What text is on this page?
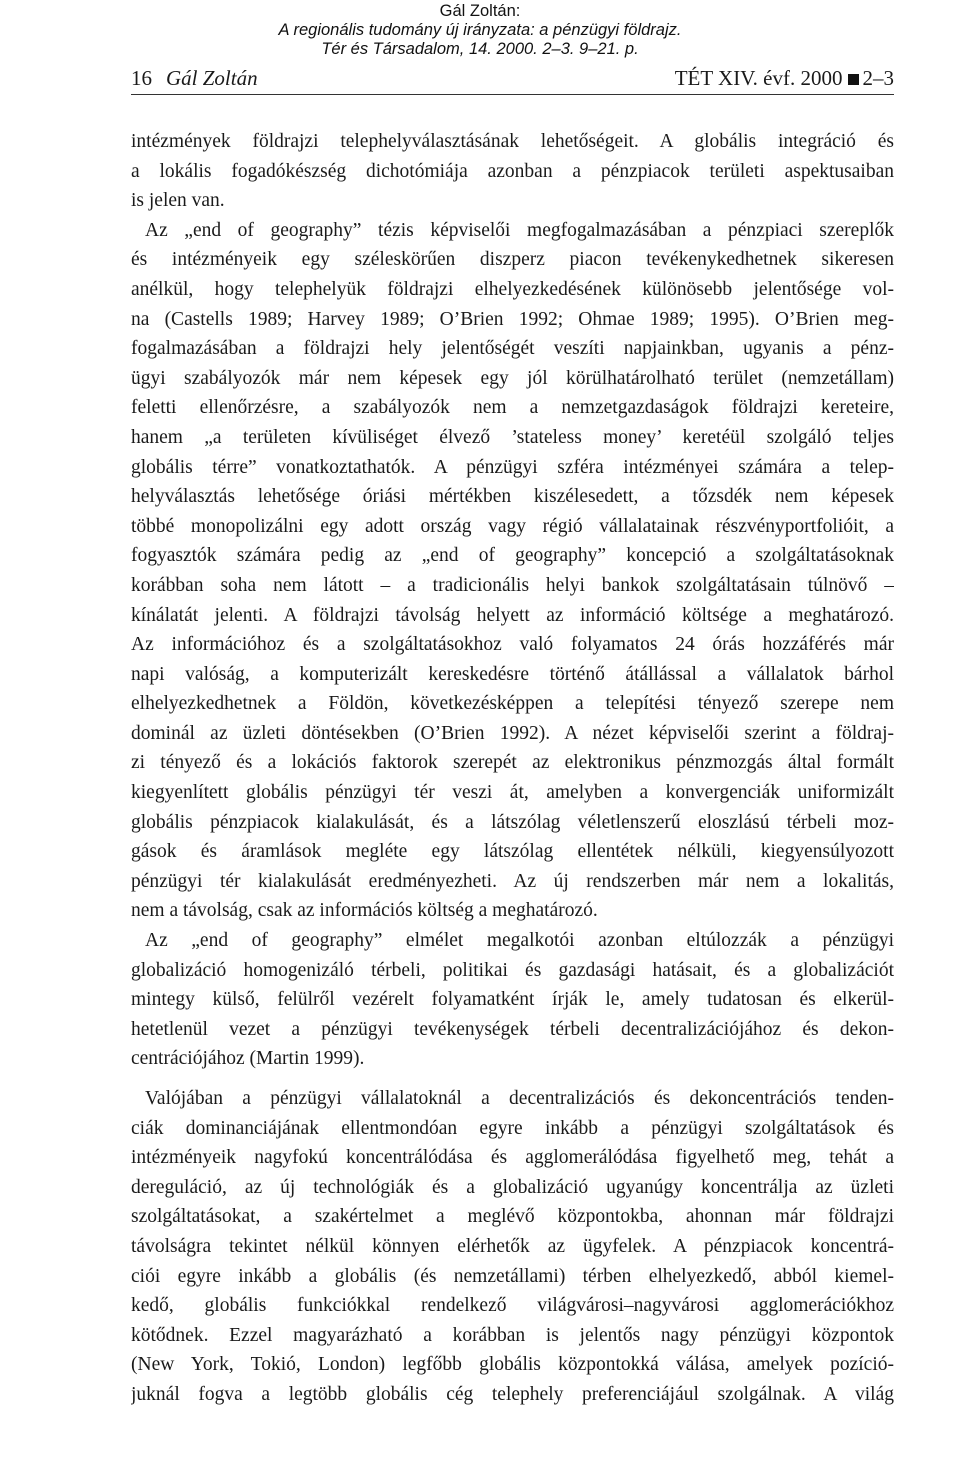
Gál Zoltán:
A regionális tudomány új irányzata: a pénzügyi földrajz.
Tér és Társadalom, 14. 2000. 2–3. 9–21. p.
16 Gál Zoltán	TÉT XIV. évf. 2000 2–3
intézmények földrajzi telephelyválasztásának lehetőségeit. A globális integráció és
a lokális fogadókészség dichotómiája azonban a pénzpiacok területi aspektusaiban
is jelen van.
Az „end of geography” tézis képviselői megfogalmazásában a pénzpiaci szereplők
és intézményeik egy széleskörűen diszperz piacon tevékenykedhetnek sikeresen
anélkül, hogy telephelyük földrajzi elhelyezkedésének különösebb jelentősége vol-
na (Castells 1989; Harvey 1989; O’Brien 1992; Ohmae 1989; 1995). O’Brien meg-
fogalmazásában a földrajzi hely jelentőségét veszíti napjainkban, ugyanis a pénz-
ügyi szabályozók már nem képesek egy jól körülhatárolható terület (nemzetállam)
feletti ellenőrzésre, a szabályozók nem a nemzetgazdaságok földrajzi kereteire,
hanem „a területen kívüliséget élvező ’stateless money’ keretéül szolgáló teljes
globális térre” vonatkoztathatók. A pénzügyi szféra intézményei számára a telep-
helyválasztás lehetősége óriási mértékben kiszélesedett, a tőzsdék nem képesek
többé monopolizálni egy adott ország vagy régió vállalatainak részvényportfolióit, a
fogyasztók számára pedig az „end of geography” koncepció a szolgáltatásoknak
korábban soha nem látott – a tradicionális helyi bankok szolgáltatásain túlnövő –
kínálatát jelenti. A földrajzi távolság helyett az információ költsége a meghatározó.
Az információhoz és a szolgáltatásokhoz való folyamatos 24 órás hozzáférés már
napi valóság, a komputerizált kereskedésre történő átállással a vállalatok bárhol
elhelyezkedhetnek a Földön, következésképpen a telepítési tényező szerepe nem
dominál az üzleti döntésekben (O’Brien 1992). A nézet képviselői szerint a földraj-
zi tényező és a lokációs faktorok szerepét az elektronikus pénzmozgás által formált
kiegyenlített globális pénzügyi tér veszi át, amelyben a konvergenciák uniformizált
globális pénzpiacok kialakulását, és a látszólag véletlenszerű eloszlású térbeli moz-
gások és áramlások megléte egy látszólag ellentétek nélküli, kiegyensúlyozott
pénzügyi tér kialakulását eredményezheti. Az új rendszerben már nem a lokalitás,
nem a távolság, csak az információs költség a meghatározó.
Az „end of geography” elmélet megalkotói azonban eltúlozzák a pénzügyi
globalizáció homogenizáló térbeli, politikai és gazdasági hatásait, és a globalizációt
mintegy külső, felülről vezérelt folyamatként írják le, amely tudatosan és elkerül-
hetetlenül vezet a pénzügyi tevékenységek térbeli decentralizációjához és dekon-
centrációjához (Martin 1999).
Valójában a pénzügyi vállalatoknál a decentralizációs és dekoncentrációs tenden-
ciák dominanciájának ellentmondóan egyre inkább a pénzügyi szolgáltatások és
intézményeik nagyfokú koncentrálódása és agglomerálódása figyelhető meg, tehát a
dereguláció, az új technológiák és a globalizáció ugyanúgy koncentrálja az üzleti
szolgáltatásokat, a szakértelmet a meglévő központokba, ahonnan már földrajzi
távolságra tekintet nélkül könnyen elérhetők az ügyfelek. A pénzpiacok koncentrá-
ciói egyre inkább a globális (és nemzetállami) térben elhelyezkedő, abból kiemel-
kedő, globális funkciókkal rendelkező világvárosi–nagyvárosi agglomerációkhoz
kötődnek. Ezzel magyarázható a korábban is jelentős nagy pénzügyi központok
(New York, Tokió, London) legfőbb globális központokká válása, amelyek pozíció-
juknál fogva a legtöbb globális cég telephely preferenciájául szolgálnak. A világ
